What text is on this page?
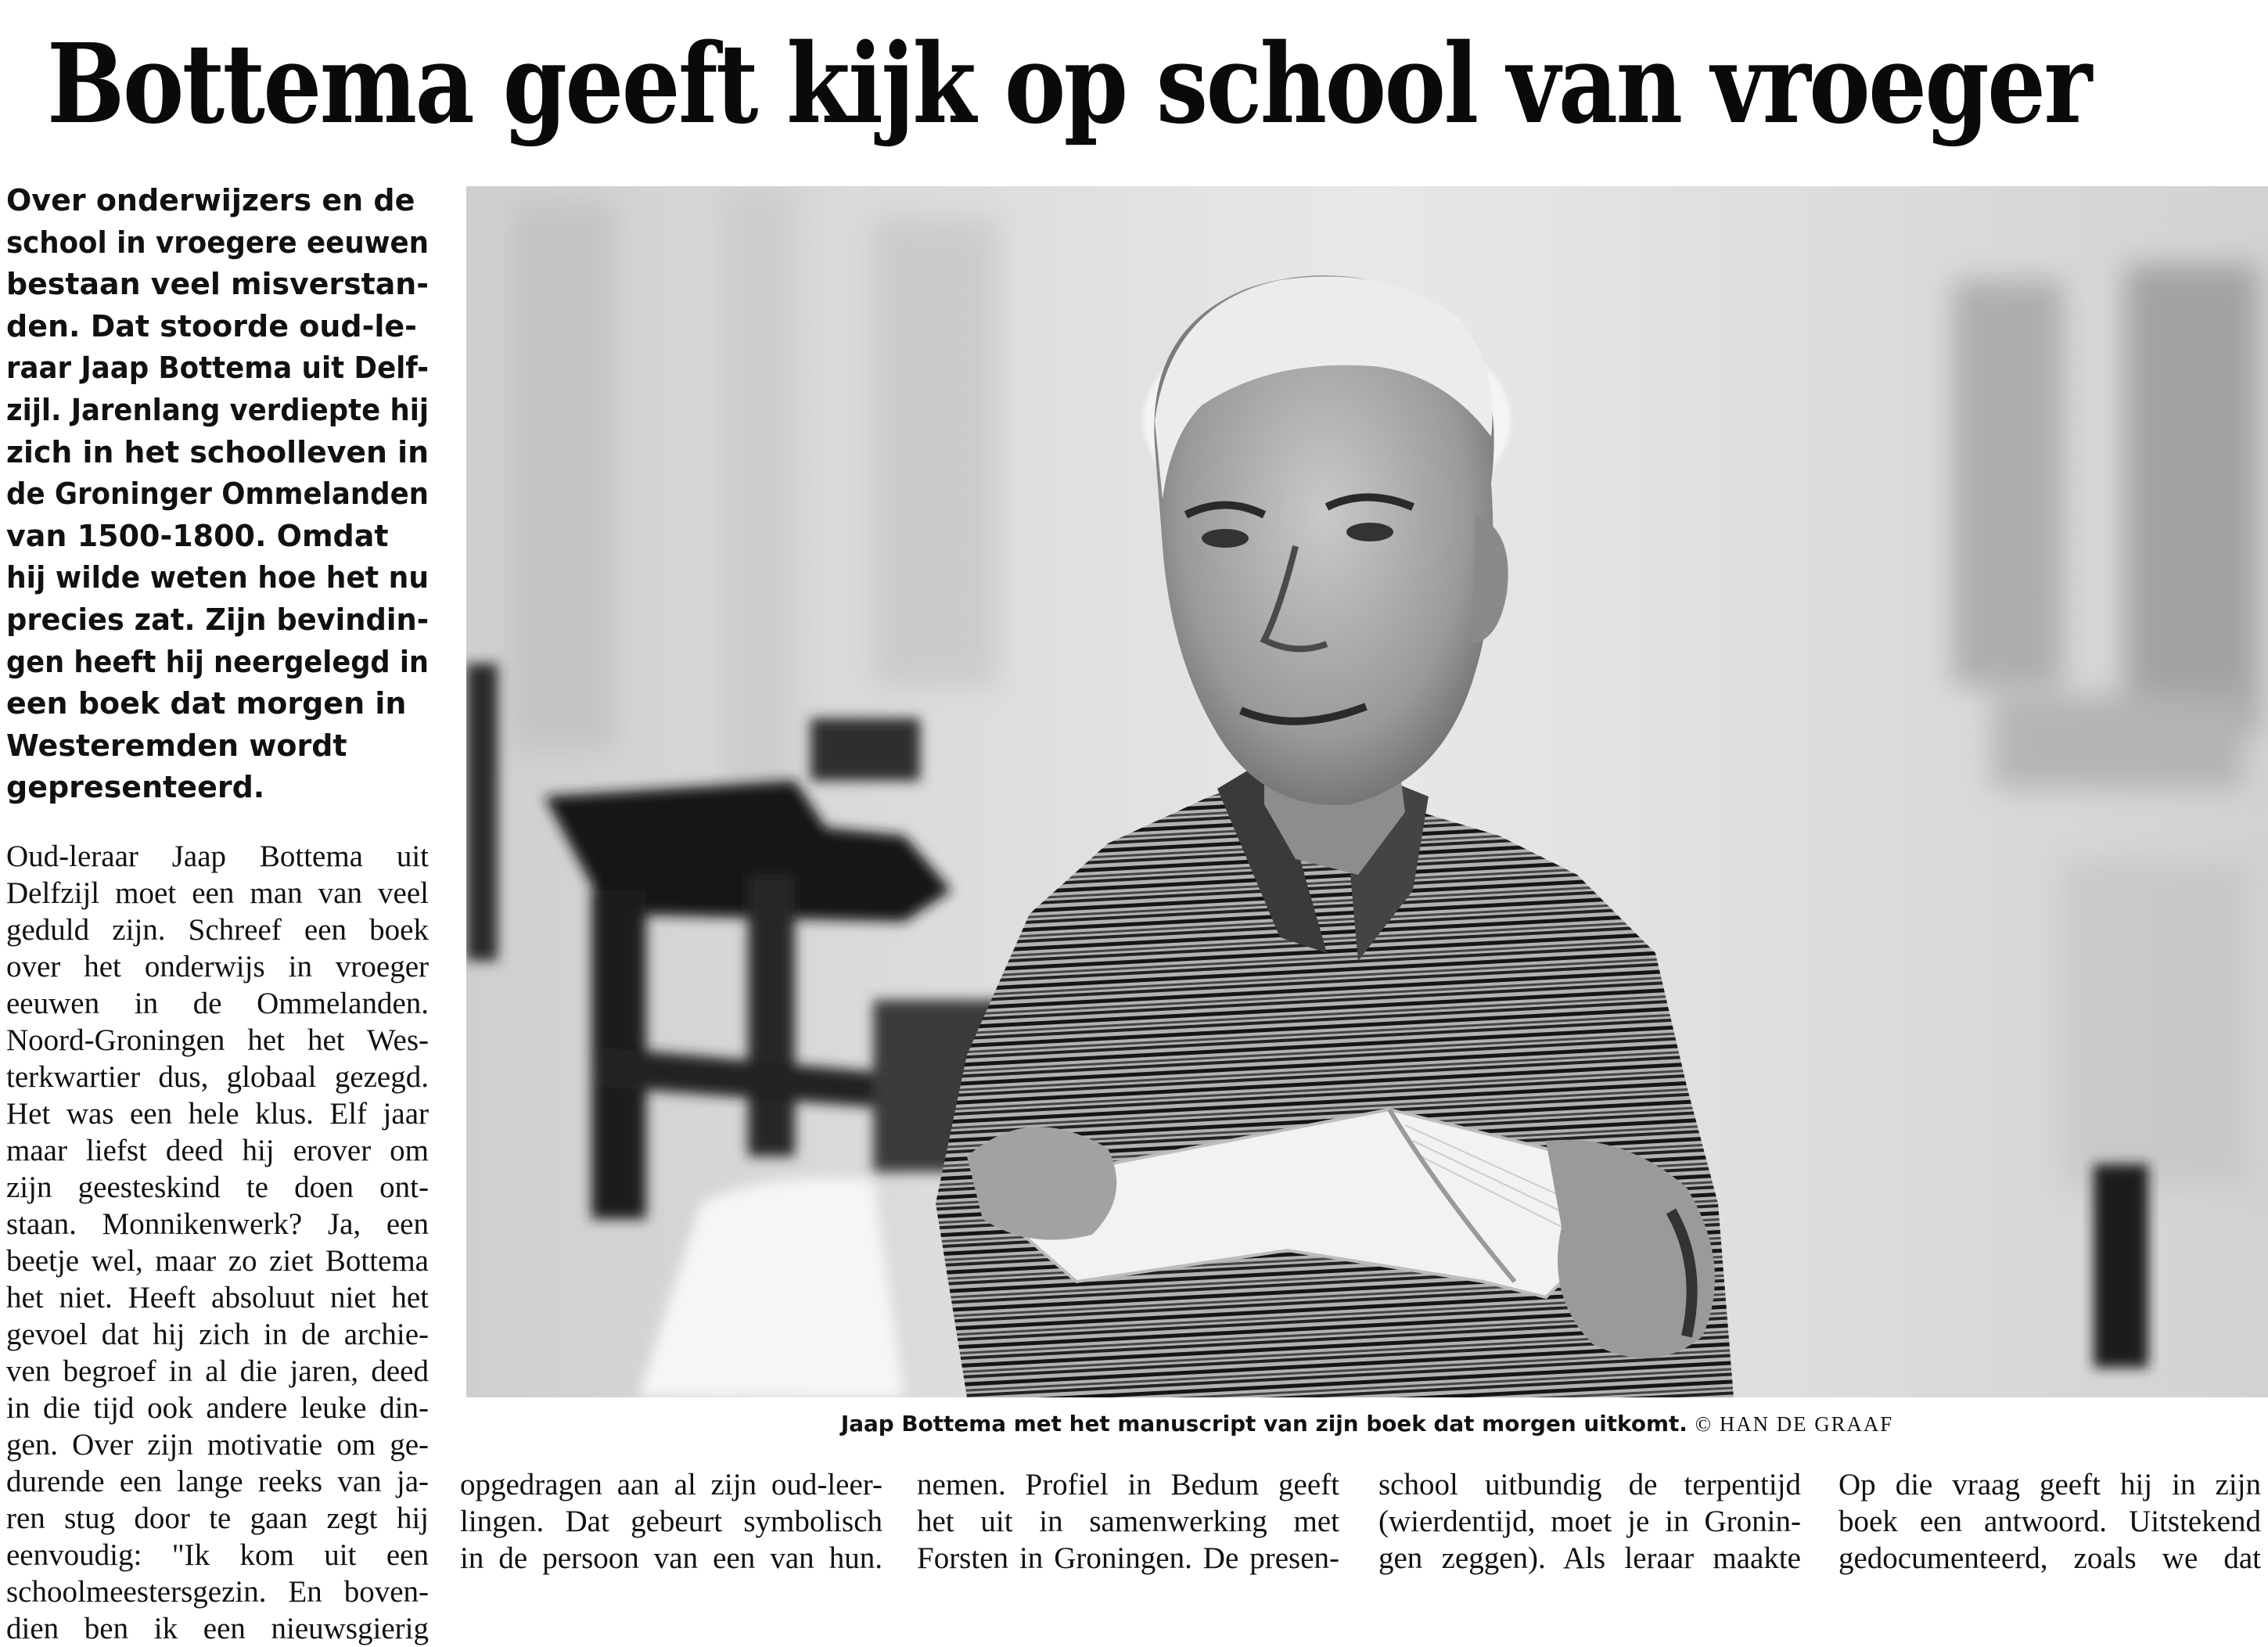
Bottema geeft kijk op school van vroeger
Over onderwijzers en de
school in vroegere eeuwen
bestaan veel misverstan-
den. Dat stoorde oud-le-
raar Jaap Bottema uit Delf-
zijl. Jarenlang verdiepte hij
zich in het schoolleven in
de Groninger Ommelanden
van 1500-1800. Omdat
hij wilde weten hoe het nu
precies zat. Zijn bevindin-
gen heeft hij neergelegd in
een boek dat morgen in
Westeremden wordt
gepresenteerd.
Oud-leraar Jaap Bottema uit
Delfzijl moet een man van veel
geduld zijn. Schreef een boek
over het onderwijs in vroeger
eeuwen in de Ommelanden.
Noord-Groningen het het Wes-
terkwartier dus, globaal gezegd.
Het was een hele klus. Elf jaar
maar liefst deed hij erover om
zijn geesteskind te doen ont-
staan. Monnikenwerk? Ja, een
beetje wel, maar zo ziet Bottema
het niet. Heeft absoluut niet het
gevoel dat hij zich in de archie-
ven begroef in al die jaren, deed
in die tijd ook andere leuke din-
gen. Over zijn motivatie om ge-
durende een lange reeks van ja-
ren stug door te gaan zegt hij
eenvoudig: "Ik kom uit een
schoolmeestersgezin. En boven-
dien ben ik een nieuwsgierig
Jaap Bottema met het manuscript van zijn boek dat morgen uitkomt. © HAN DE GRAAF
opgedragen aan al zijn oud-leer-
lingen. Dat gebeurt symbolisch
in de persoon van een van hun.
nemen. Profiel in Bedum geeft
het uit in samenwerking met
Forsten in Groningen. De presen-
school uitbundig de terpentijd
(wierdentijd, moet je in Gronin-
gen zeggen). Als leraar maakte
Op die vraag geeft hij in zijn
boek een antwoord. Uitstekend
gedocumenteerd, zoals we dat
